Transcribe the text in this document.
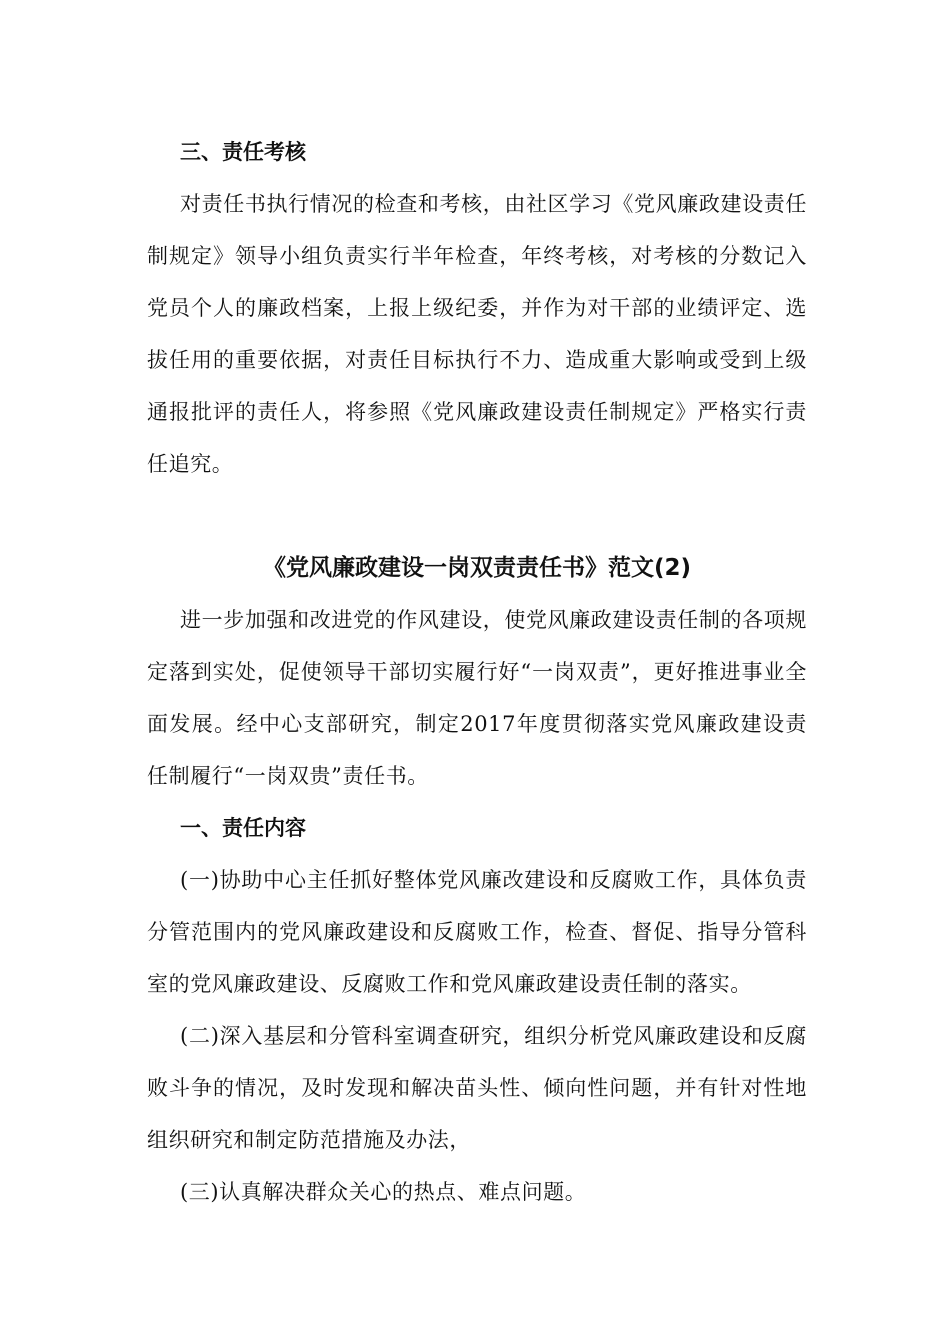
三、责任考核

对责任书执行情况的检查和考核，由社区学习《党风廉政建设责任制规定》领导小组负责实行半年检查，年终考核，对考核的分数记入党员个人的廉政档案，上报上级纪委，并作为对干部的业绩评定、选拔任用的重要依据，对责任目标执行不力、造成重大影响或受到上级通报批评的责任人，将参照《党风廉政建设责任制规定》严格实行责任追究。

《党风廉政建设一岗双责责任书》范文(2)

进一步加强和改进党的作风建设，使党风廉政建设责任制的各项规定落到实处，促使领导干部切实履行好“一岗双责”，更好推进事业全面发展。经中心支部研究，制定2017年度贯彻落实党风廉政建设责任制履行“一岗双贵”责任书。

一、责任内容

(一)协助中心主任抓好整体党风廉改建设和反腐败工作，具体负责分管范围内的党风廉政建设和反腐败工作，检查、督促、指导分管科室的党风廉政建设、反腐败工作和党风廉政建设责任制的落实。

(二)深入基层和分管科室调查研究，组织分析党风廉政建设和反腐败斗争的情况，及时发现和解决苗头性、倾向性问题，并有针对性地组织研究和制定防范措施及办法，

(三)认真解决群众关心的热点、难点问题。
